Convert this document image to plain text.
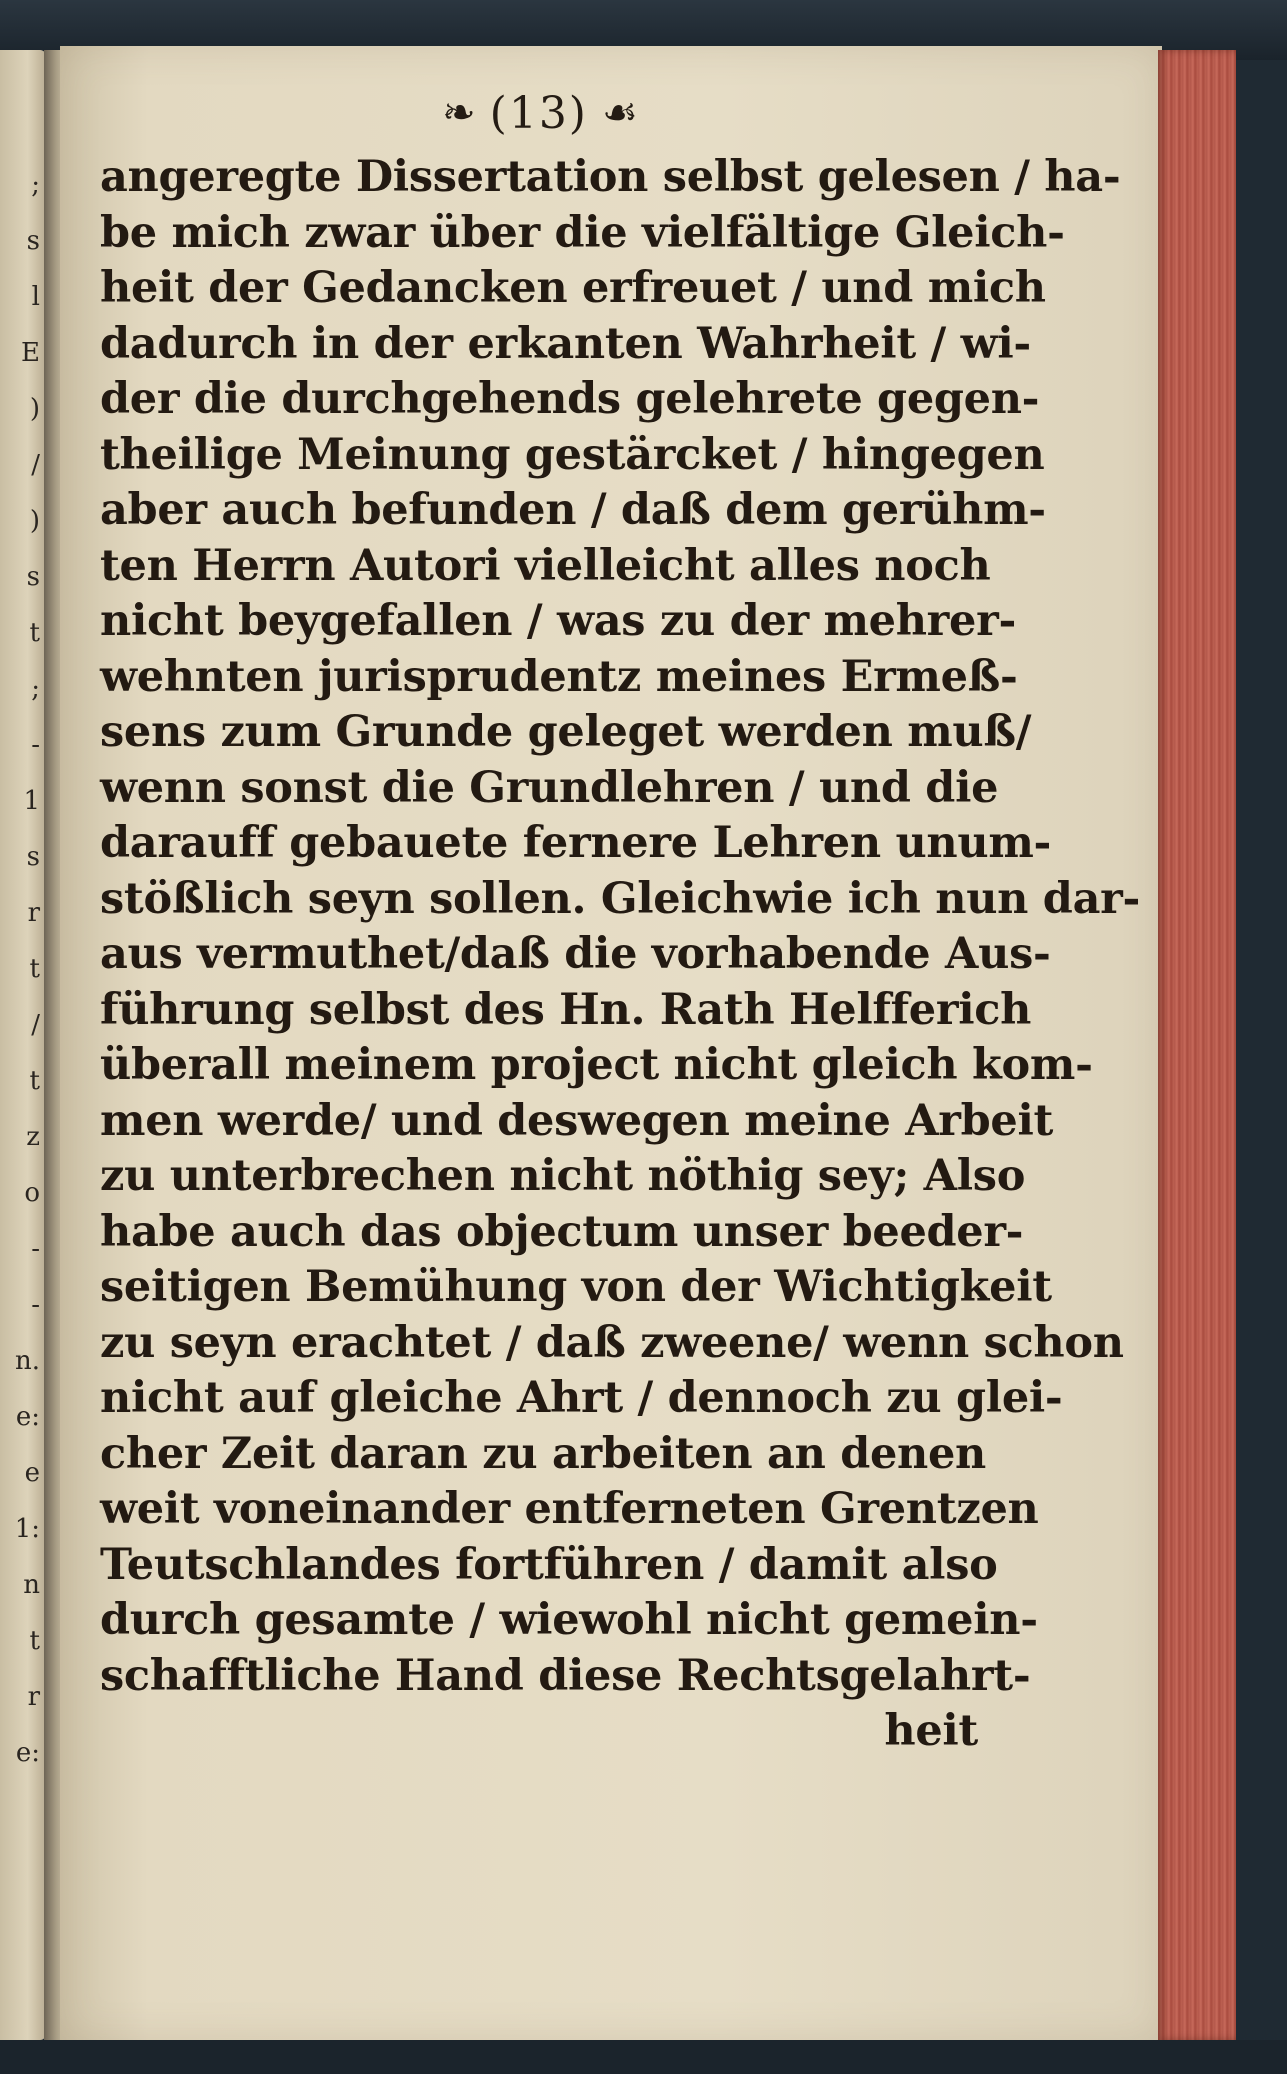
;
s
l
E
)
/
)
s
t
;
-
1
s
r
t
/
t
z
o
-
-
n.
e:
e
1:
n
t
r
e:
❧ (13) ☙
angeregte Dissertation selbst gelesen / ha-
be mich zwar über die vielfältige Gleich-
heit der Gedancken erfreuet / und mich
dadurch in der erkanten Wahrheit / wi-
der die durchgehends gelehrete gegen-
theilige Meinung gestärcket / hingegen
aber auch befunden / daß dem gerühm-
ten Herrn Autori vielleicht alles noch
nicht beygefallen / was zu der mehrer-
wehnten jurisprudentz meines Ermeß-
sens zum Grunde geleget werden muß/
wenn sonst die Grundlehren / und die
darauff gebauete fernere Lehren unum-
stößlich seyn sollen. Gleichwie ich nun dar-
aus vermuthet/daß die vorhabende Aus-
führung selbst des Hn. Rath Helfferich
überall meinem project nicht gleich kom-
men werde/ und deswegen meine Arbeit
zu unterbrechen nicht nöthig sey; Also
habe auch das objectum unser beeder-
seitigen Bemühung von der Wichtigkeit
zu seyn erachtet / daß zweene/ wenn schon
nicht auf gleiche Ahrt / dennoch zu glei-
cher Zeit daran zu arbeiten an denen
weit voneinander entferneten Grentzen
Teutschlandes fortführen / damit also
durch gesamte / wiewohl nicht gemein-
schafftliche Hand diese Rechtsgelahrt-
heit
